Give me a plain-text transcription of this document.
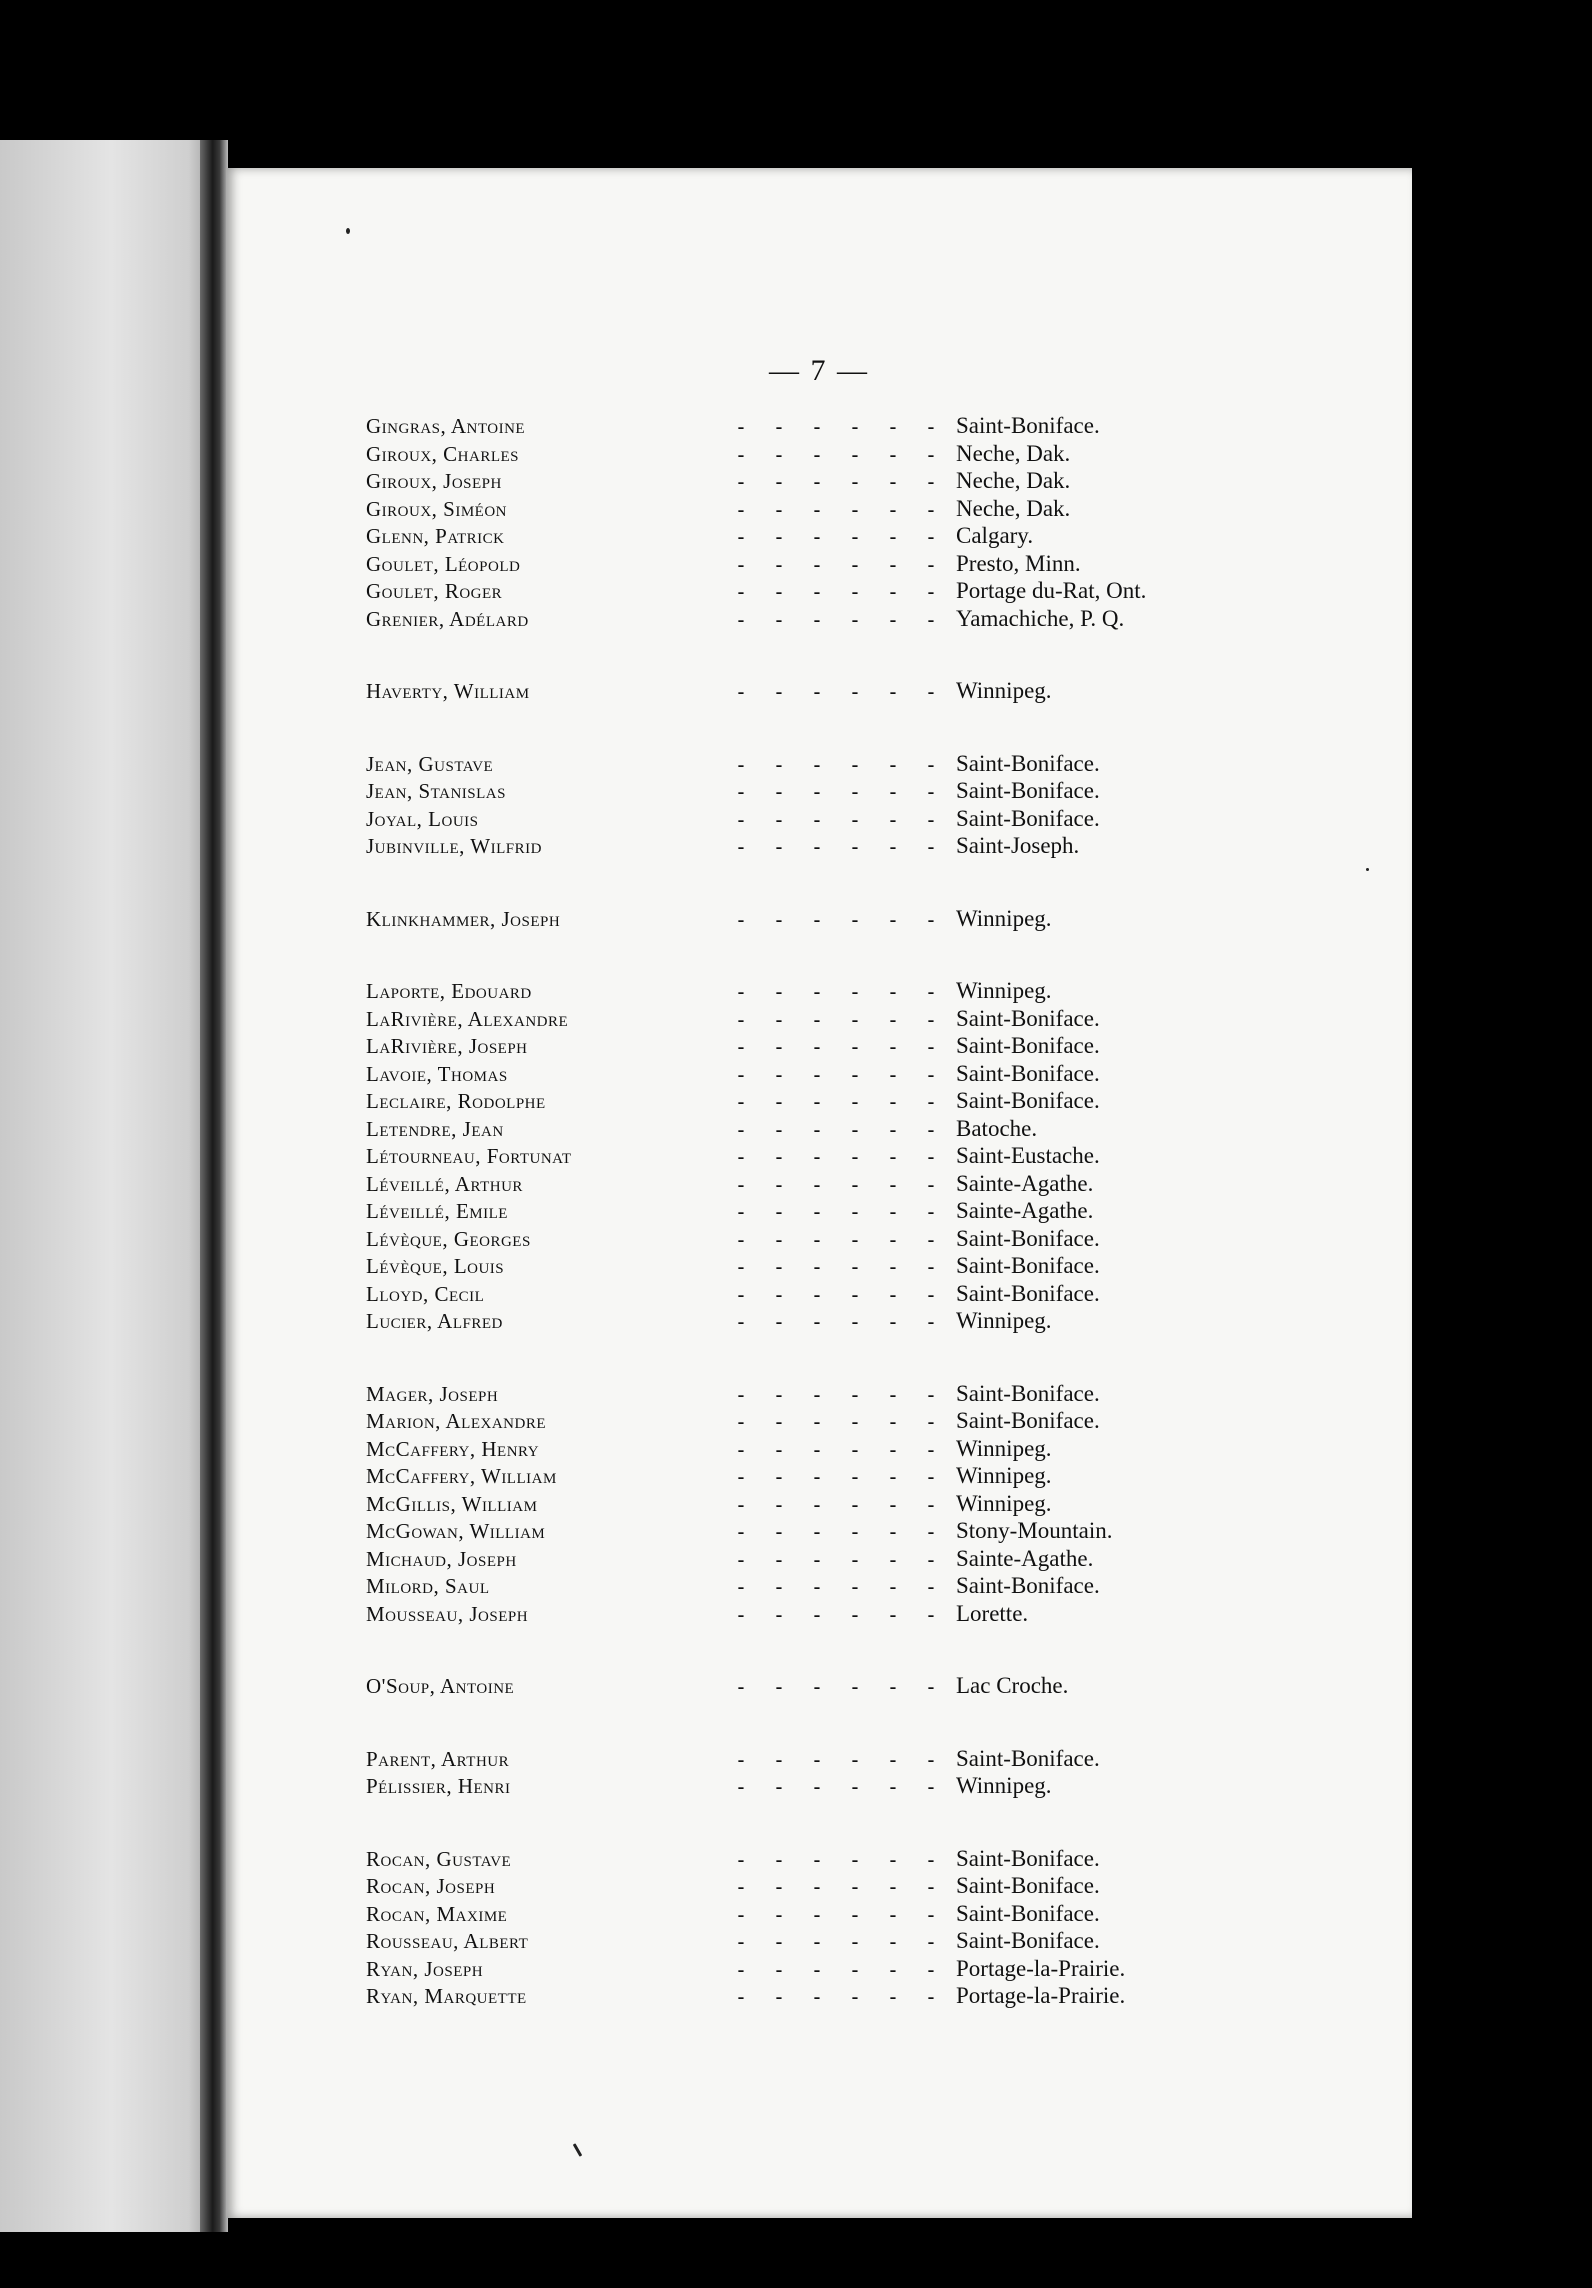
— 7 —
Gingras, Antoine	- - - - - - Saint-Boniface.
Giroux, Charles	- - - - - - Neche, Dak.
Giroux, Joseph	- - - - - - Neche, Dak.
Giroux, Siméon	- - - - - - Neche, Dak.
Glenn, Patrick	- - - - - - Calgary.
Goulet, Léopold	- - - - - - Presto, Minn.
Goulet, Roger	- - - - - - Portage du-Rat, Ont.
Grenier, Adélard	- - - - - - Yamachiche, P. Q.
Haverty, William	- - - - - - Winnipeg.
Jean, Gustave	- - - - - - Saint-Boniface.
Jean, Stanislas	- - - - - - Saint-Boniface.
Joyal, Louis	- - - - - - Saint-Boniface.
Jubinville, Wilfrid	- - - - - - Saint-Joseph.
Klinkhammer, Joseph	- - - - - - Winnipeg.
Laporte, Edouard	- - - - - - Winnipeg.
LaRivière, Alexandre	- - - - - - Saint-Boniface.
LaRivière, Joseph	- - - - - - Saint-Boniface.
Lavoie, Thomas	- - - - - - Saint-Boniface.
Leclaire, Rodolphe	- - - - - - Saint-Boniface.
Letendre, Jean	- - - - - - Batoche.
Létourneau, Fortunat	- - - - - - Saint-Eustache.
Léveillé, Arthur	- - - - - - Sainte-Agathe.
Léveillé, Emile	- - - - - - Sainte-Agathe.
Lévèque, Georges	- - - - - - Saint-Boniface.
Lévèque, Louis	- - - - - - Saint-Boniface.
Lloyd, Cecil	- - - - - - Saint-Boniface.
Lucier, Alfred	- - - - - - Winnipeg.
Mager, Joseph	- - - - - - Saint-Boniface.
Marion, Alexandre	- - - - - - Saint-Boniface.
McCaffery, Henry	- - - - - - Winnipeg.
McCaffery, William	- - - - - - Winnipeg.
McGillis, William	- - - - - - Winnipeg.
McGowan, William	- - - - - - Stony-Mountain.
Michaud, Joseph	- - - - - - Sainte-Agathe.
Milord, Saul	- - - - - - Saint-Boniface.
Mousseau, Joseph	- - - - - - Lorette.
O'Soup, Antoine	- - - - - - Lac Croche.
Parent, Arthur	- - - - - - Saint-Boniface.
Pélissier, Henri	- - - - - - Winnipeg.
Rocan, Gustave	- - - - - - Saint-Boniface.
Rocan, Joseph	- - - - - - Saint-Boniface.
Rocan, Maxime	- - - - - - Saint-Boniface.
Rousseau, Albert	- - - - - - Saint-Boniface.
Ryan, Joseph	- - - - - - Portage-la-Prairie.
Ryan, Marquette	- - - - - - Portage-la-Prairie.
